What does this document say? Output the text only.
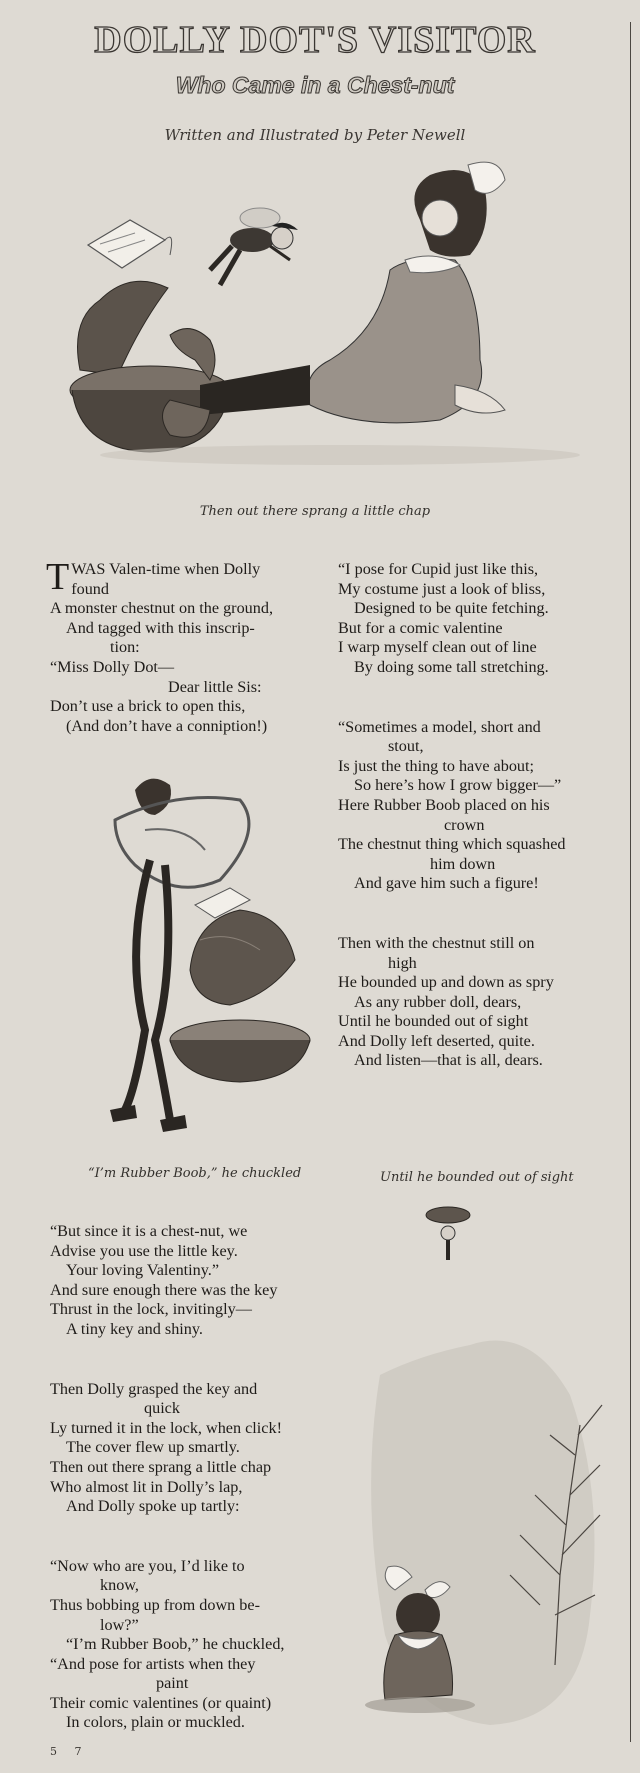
DOLLY DOT'S VISITOR
Who Came in a Chest-nut
Written and Illustrated by Peter Newell
Then out there sprang a little chap
T WAS Valen-time when Dolly
found
A monster chestnut on the ground,
And tagged with this inscrip-
tion:
“Miss Dolly Dot—
Dear little Sis:
Don’t use a brick to open this,
(And don’t have a conniption!)
“I pose for Cupid just like this,
My costume just a look of bliss,
Designed to be quite fetching.
But for a comic valentine
I warp myself clean out of line
By doing some tall stretching.
“Sometimes a model, short and
stout,
Is just the thing to have about;
So here’s how I grow bigger—”
Here Rubber Boob placed on his
crown
The chestnut thing which squashed
him down
And gave him such a figure!
Then with the chestnut still on
high
He bounded up and down as spry
As any rubber doll, dears,
Until he bounded out of sight
And Dolly left deserted, quite.
And listen—that is all, dears.
“I’m Rubber Boob,” he chuckled	Until he bounded out of sight
“But since it is a chest-nut, we
Advise you use the little key.
Your loving Valentiny.”
And sure enough there was the key
Thrust in the lock, invitingly—
A tiny key and shiny.
Then Dolly grasped the key and
quick
Ly turned it in the lock, when click!
The cover flew up smartly.
Then out there sprang a little chap
Who almost lit in Dolly’s lap,
And Dolly spoke up tartly:
“Now who are you, I’d like to
know,
Thus bobbing up from down be-
low?”
“I’m Rubber Boob,” he chuckled,
“And pose for artists when they
paint
Their comic valentines (or quaint)
In colors, plain or muckled.
5     7
